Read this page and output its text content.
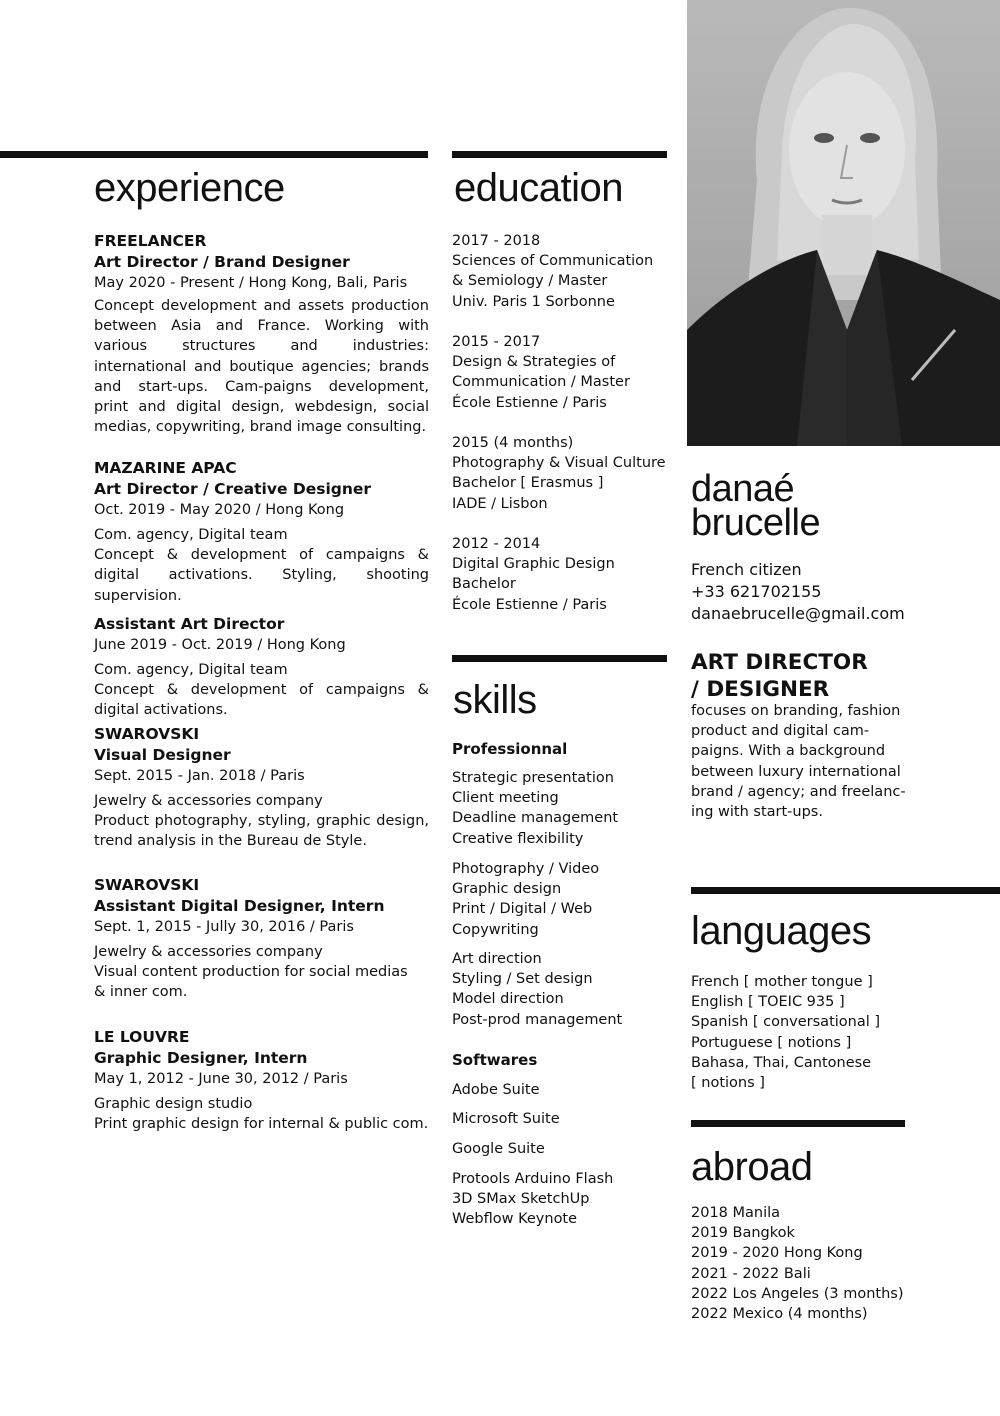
experience
FREELANCER
Art Director / Brand Designer
May 2020 - Present / Hong Kong, Bali, Paris
Concept development and assets production between Asia and France. Working with various structures and industries: international and boutique agencies; brands and start-ups. Cam-paigns development, print and digital design, webdesign, social medias, copywriting, brand image consulting.
MAZARINE APAC
Art Director / Creative Designer
Oct. 2019 - May 2020 / Hong Kong
Com. agency, Digital team
Concept & development of campaigns & digital activations. Styling, shooting supervision.
Assistant Art Director
June 2019 - Oct. 2019 / Hong Kong
Com. agency, Digital team
Concept & development of campaigns & digital activations.
SWAROVSKI
Visual Designer
Sept. 2015 - Jan. 2018 / Paris
Jewelry & accessories company
Product photography, styling, graphic design, trend analysis in the Bureau de Style.
SWAROVSKI
Assistant Digital Designer, Intern
Sept. 1, 2015 - Jully 30, 2016 / Paris
Jewelry & accessories company
Visual content production for social medias
& inner com.
LE LOUVRE
Graphic Designer, Intern
May 1, 2012 - June 30, 2012 / Paris
Graphic design studio
Print graphic design for internal & public com.
education
2017 - 2018
Sciences of Communication
& Semiology / Master
Univ. Paris 1 Sorbonne
2015 - 2017
Design & Strategies of
Communication / Master
École Estienne / Paris
2015 (4 months)
Photography & Visual Culture
Bachelor [ Erasmus ]
IADE / Lisbon
2012 - 2014
Digital Graphic Design
Bachelor
École Estienne / Paris
skills
Professionnal
Strategic presentation
Client meeting
Deadline management
Creative flexibility
Photography / Video
Graphic design
Print / Digital / Web
Copywriting
Art direction
Styling / Set design
Model direction
Post-prod management
Softwares
Adobe Suite
Microsoft Suite
Google Suite
Protools Arduino Flash
3D SMax SketchUp
Webflow Keynote
danaé
brucelle
French citizen
+33 621702155
danaebrucelle@gmail.com
ART DIRECTOR
/ DESIGNER
focuses on branding, fashion
product and digital cam-
paigns. With a background
between luxury international
brand / agency; and freelanc-
ing with start-ups.
languages
French [ mother tongue ]
English [ TOEIC 935 ]
Spanish [ conversational ]
Portuguese [ notions ]
Bahasa, Thai, Cantonese
[ notions ]
abroad
2018 Manila
2019 Bangkok
2019 - 2020 Hong Kong
2021 - 2022 Bali
2022 Los Angeles (3 months)
2022 Mexico (4 months)
